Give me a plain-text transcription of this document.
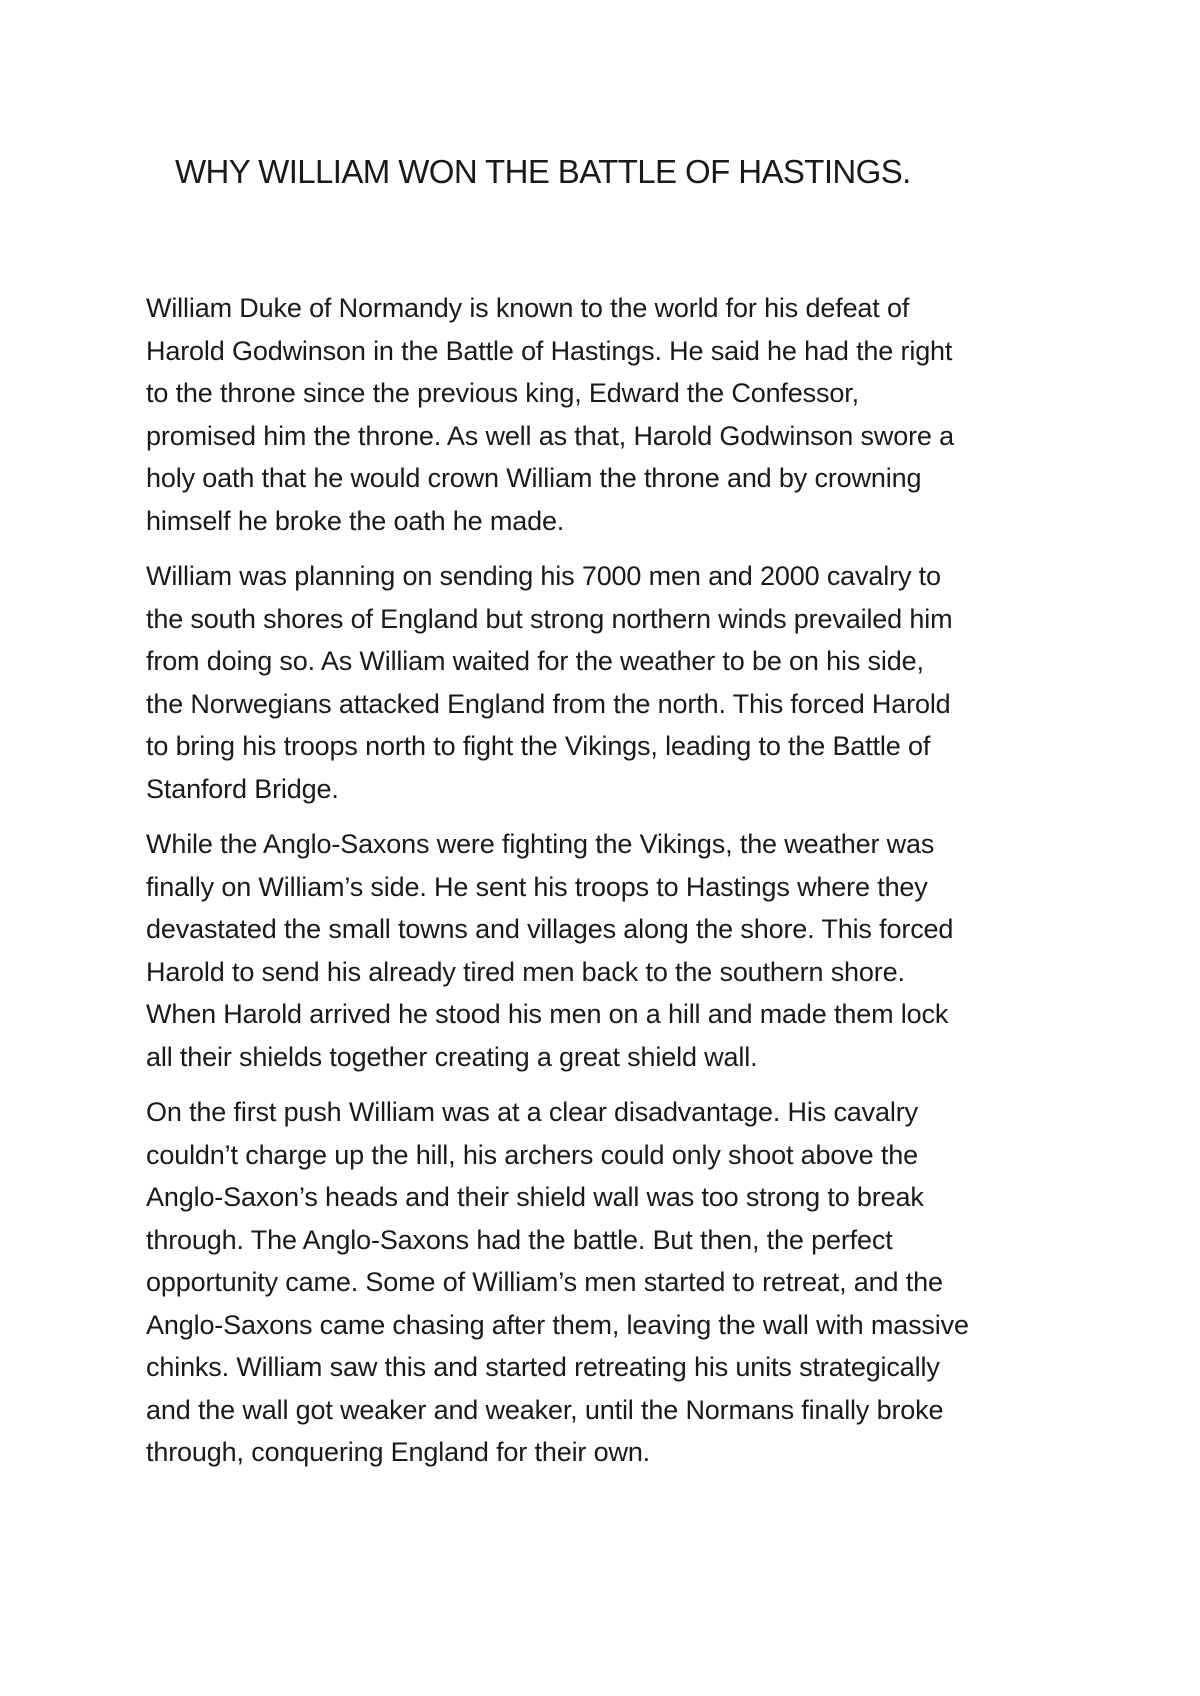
WHY WILLIAM WON THE BATTLE OF HASTINGS.

William Duke of Normandy is known to the world for his defeat of
Harold Godwinson in the Battle of Hastings. He said he had the right
to the throne since the previous king, Edward the Confessor,
promised him the throne. As well as that, Harold Godwinson swore a
holy oath that he would crown William the throne and by crowning
himself he broke the oath he made.

William was planning on sending his 7000 men and 2000 cavalry to
the south shores of England but strong northern winds prevailed him
from doing so. As William waited for the weather to be on his side,
the Norwegians attacked England from the north. This forced Harold
to bring his troops north to fight the Vikings, leading to the Battle of
Stanford Bridge.

While the Anglo-Saxons were fighting the Vikings, the weather was
finally on William’s side. He sent his troops to Hastings where they
devastated the small towns and villages along the shore. This forced
Harold to send his already tired men back to the southern shore.
When Harold arrived he stood his men on a hill and made them lock
all their shields together creating a great shield wall.

On the first push William was at a clear disadvantage. His cavalry
couldn’t charge up the hill, his archers could only shoot above the
Anglo-Saxon’s heads and their shield wall was too strong to break
through. The Anglo-Saxons had the battle. But then, the perfect
opportunity came. Some of William’s men started to retreat, and the
Anglo-Saxons came chasing after them, leaving the wall with massive
chinks. William saw this and started retreating his units strategically
and the wall got weaker and weaker, until the Normans finally broke
through, conquering England for their own.
